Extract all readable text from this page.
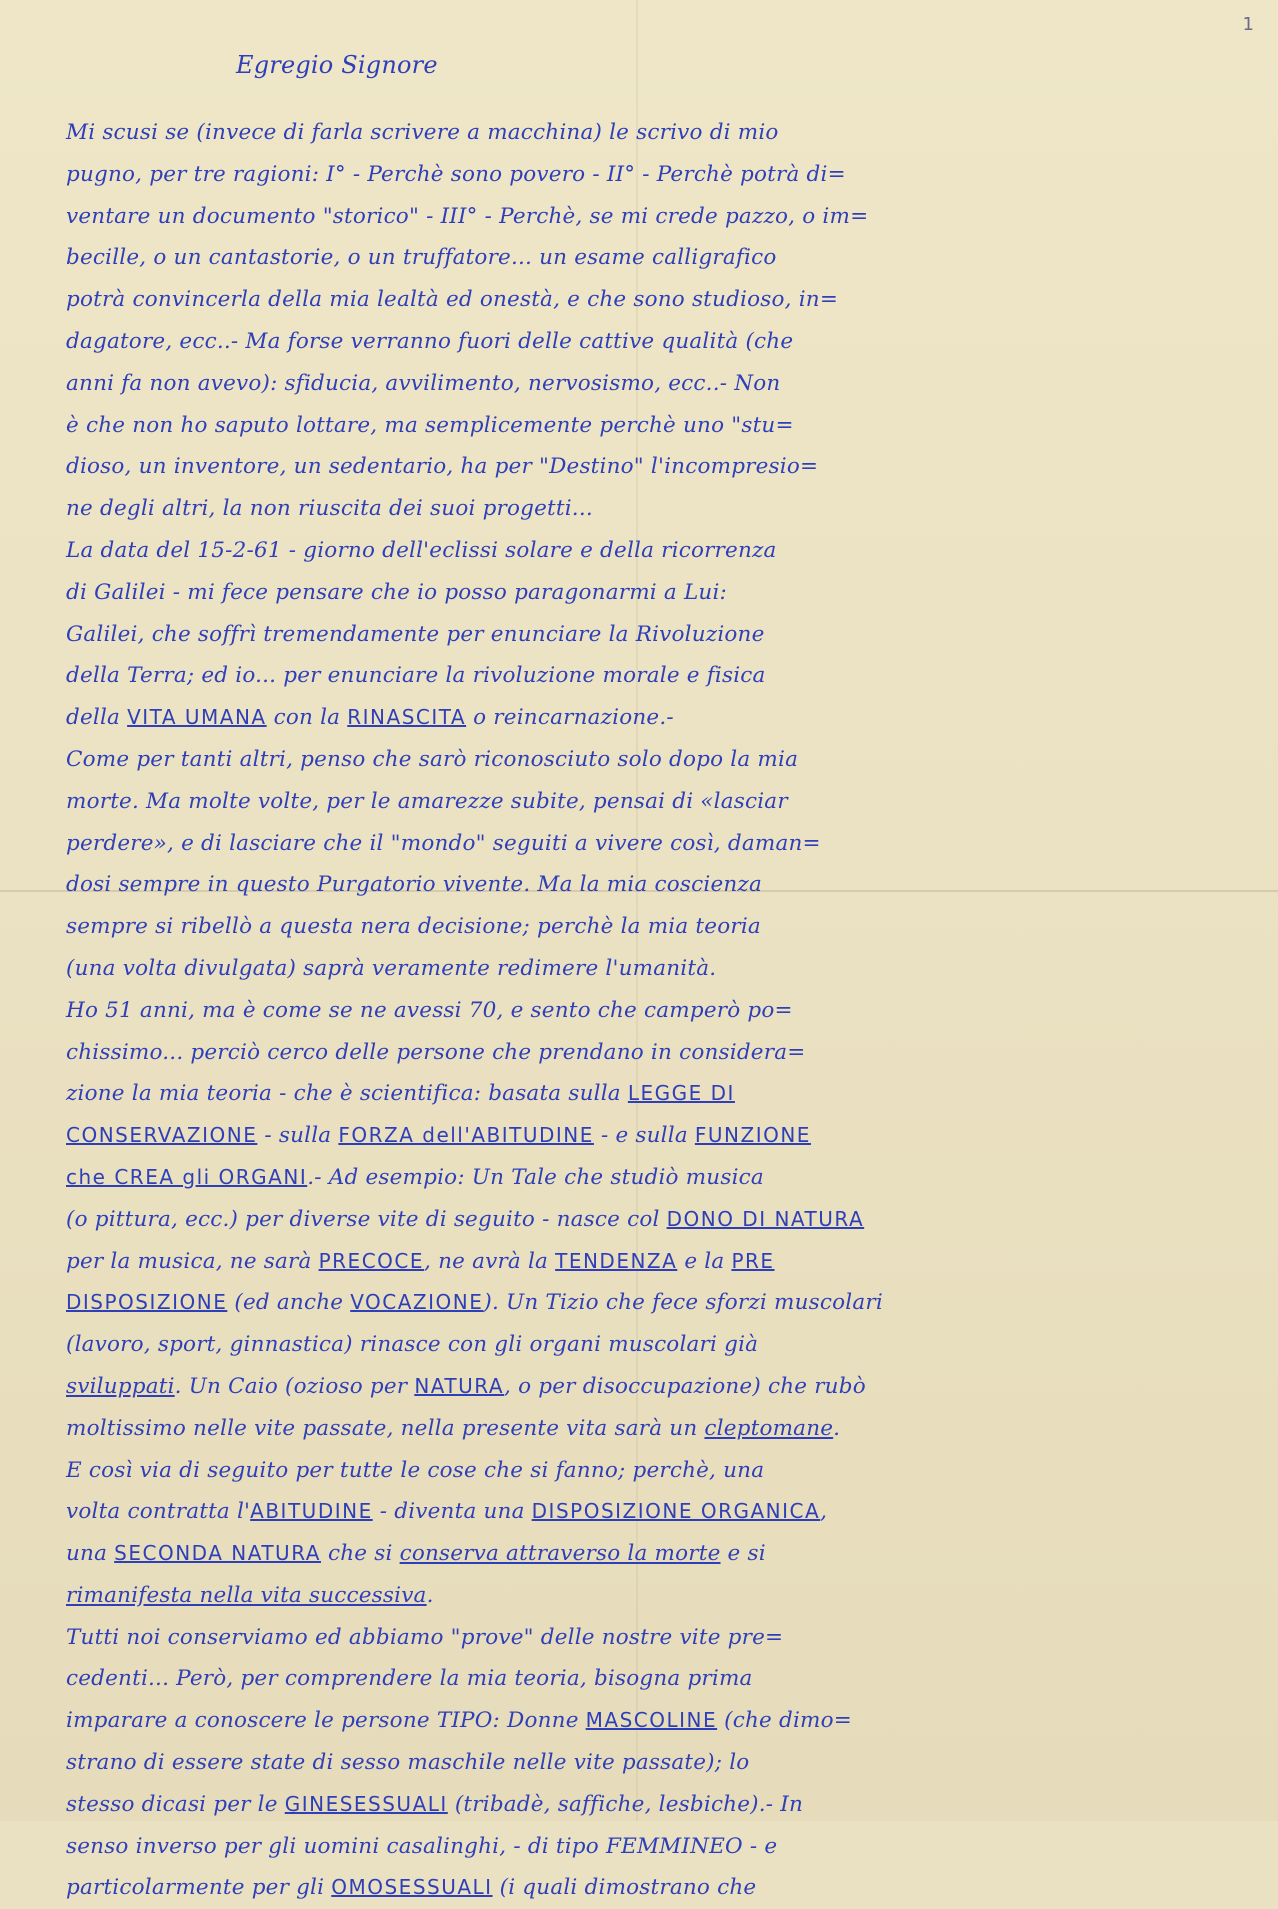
1
Egregio Signore
Mi scusi se (invece di farla scrivere a macchina) le scrivo di mio
pugno, per tre ragioni: I° - Perchè sono povero - II° - Perchè potrà di=
ventare un documento "storico" - III° - Perchè, se mi crede pazzo, o im=
becille, o un cantastorie, o un truffatore... un esame calligrafico
potrà convincerla della mia lealtà ed onestà, e che sono studioso, in=
dagatore, ecc..- Ma forse verranno fuori delle cattive qualità (che
anni fa non avevo): sfiducia, avvilimento, nervosismo, ecc..- Non
è che non ho saputo lottare, ma semplicemente perchè uno "stu=
dioso, un inventore, un sedentario, ha per "Destino" l'incompresio=
ne degli altri, la non riuscita dei suoi progetti...
La data del 15-2-61 - giorno dell'eclissi solare e della ricorrenza
di Galilei - mi fece pensare che io posso paragonarmi a Lui:
Galilei, che soffrì tremendamente per enunciare la Rivoluzione
della Terra; ed io... per enunciare la rivoluzione morale e fisica
della VITA UMANA con la RINASCITA o reincarnazione.-
Come per tanti altri, penso che sarò riconosciuto solo dopo la mia
morte. Ma molte volte, per le amarezze subite, pensai di «lasciar
perdere», e di lasciare che il "mondo" seguiti a vivere così, daman=
dosi sempre in questo Purgatorio vivente. Ma la mia coscienza
sempre si ribellò a questa nera decisione; perchè la mia teoria
(una volta divulgata) saprà veramente redimere l'umanità.
Ho 51 anni, ma è come se ne avessi 70, e sento che camperò po=
chissimo... perciò cerco delle persone che prendano in considera=
zione la mia teoria - che è scientifica: basata sulla LEGGE DI
CONSERVAZIONE - sulla FORZA dell'ABITUDINE - e sulla FUNZIONE
che CREA gli ORGANI.- Ad esempio: Un Tale che studiò musica
(o pittura, ecc.) per diverse vite di seguito - nasce col DONO DI NATURA
per la musica, ne sarà PRECOCE, ne avrà la TENDENZA e la PRE
DISPOSIZIONE (ed anche VOCAZIONE). Un Tizio che fece sforzi muscolari
(lavoro, sport, ginnastica) rinasce con gli organi muscolari già
sviluppati. Un Caio (ozioso per NATURA, o per disoccupazione) che rubò
moltissimo nelle vite passate, nella presente vita sarà un cleptomane.
E così via di seguito per tutte le cose che si fanno; perchè, una
volta contratta l'ABITUDINE - diventa una DISPOSIZIONE ORGANICA,
una SECONDA NATURA che si conserva attraverso la morte e si
rimanifesta nella vita successiva.
Tutti noi conserviamo ed abbiamo "prove" delle nostre vite pre=
cedenti... Però, per comprendere la mia teoria, bisogna prima
imparare a conoscere le persone TIPO: Donne MASCOLINE (che dimo=
strano di essere state di sesso maschile nelle vite passate); lo
stesso dicasi per le GINESESSUALI (tribadè, saffiche, lesbiche).- In
senso inverso per gli uomini casalinghi, - di tipo FEMMINEO - e
particolarmente per gli OMOSESSUALI (i quali dimostrano che
